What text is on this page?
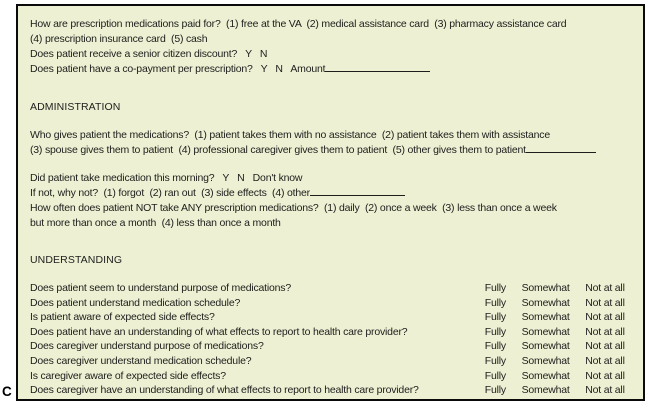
How are prescription medications paid for?  (1) free at the VA  (2) medical assistance card  (3) pharmacy assistance card
(4) prescription insurance card  (5) cash
Does patient receive a senior citizen discount?   Y   N
Does patient have a co-payment per prescription?   Y   N   Amount
ADMINISTRATION
Who gives patient the medications?  (1) patient takes them with no assistance  (2) patient takes them with assistance
(3) spouse gives them to patient  (4) professional caregiver gives them to patient  (5) other gives them to patient
Did patient take medication this morning?   Y   N   Don't know
If not, why not?  (1) forgot  (2) ran out  (3) side effects  (4) other
How often does patient NOT take ANY prescription medications?  (1) daily  (2) once a week  (3) less than once a week
but more than once a month  (4) less than once a month
UNDERSTANDING
Does patient seem to understand purpose of medications?	Fully	Somewhat	Not at all
Does patient understand medication schedule?	Fully	Somewhat	Not at all
Is patient aware of expected side effects?	Fully	Somewhat	Not at all
Does patient have an understanding of what effects to report to health care provider?	Fully	Somewhat	Not at all
Does caregiver understand purpose of medications?	Fully	Somewhat	Not at all
Does caregiver understand medication schedule?	Fully	Somewhat	Not at all
Is caregiver aware of expected side effects?	Fully	Somewhat	Not at all
Does caregiver have an understanding of what effects to report to health care provider?	Fully	Somewhat	Not at all
C
